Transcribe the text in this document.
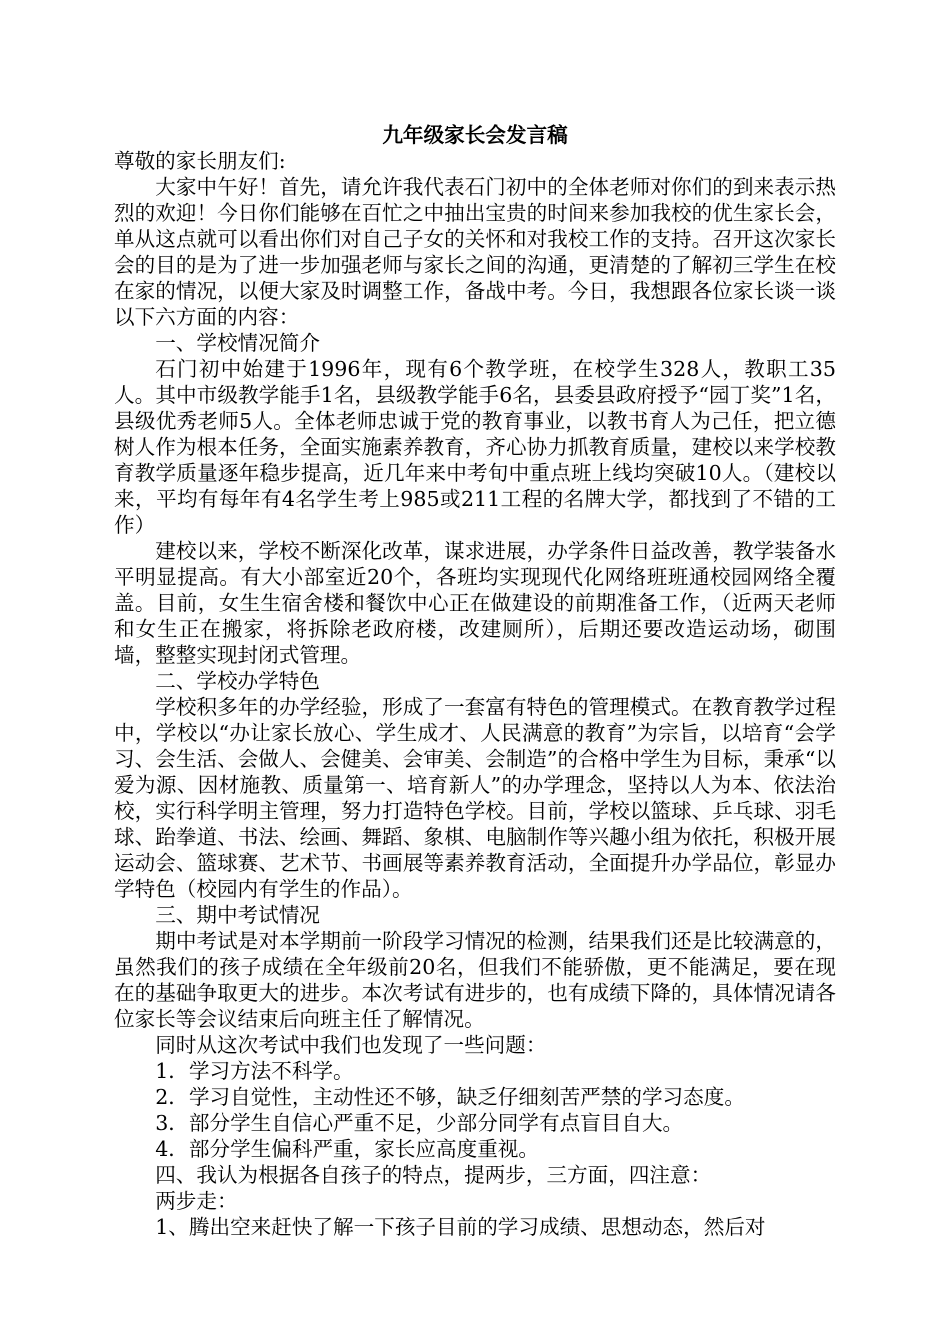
九年级家长会发言稿
尊敬的家长朋友们:
大家中午好！首先，请允许我代表石门初中的全体老师对你们的到来表示热烈的欢迎！今日你们能够在百忙之中抽出宝贵的时间来参加我校的优生家长会，单从这点就可以看出你们对自己子女的关怀和对我校工作的支持。召开这次家长会的目的是为了进一步加强老师与家长之间的沟通，更清楚的了解初三学生在校在家的情况，以便大家及时调整工作，备战中考。今日，我想跟各位家长谈一谈以下六方面的内容：
一、学校情况简介
石门初中始建于1996年，现有6个教学班，在校学生328人，教职工35人。其中市级教学能手1名，县级教学能手6名，县委县政府授予“园丁奖”1名，县级优秀老师5人。全体老师忠诚于党的教育事业，以教书育人为己任，把立德树人作为根本任务，全面实施素养教育，齐心协力抓教育质量，建校以来学校教育教学质量逐年稳步提高，近几年来中考旬中重点班上线均突破10人。（建校以来，平均有每年有4名学生考上985或211工程的名牌大学，都找到了不错的工作）
建校以来，学校不断深化改革，谋求进展，办学条件日益改善，教学装备水平明显提高。有大小部室近20个，各班均实现现代化网络班班通校园网络全覆盖。目前，女生生宿舍楼和餐饮中心正在做建设的前期准备工作，（近两天老师和女生正在搬家，将拆除老政府楼，改建厕所），后期还要改造运动场，砌围墙，整整实现封闭式管理。
二、学校办学特色
学校积多年的办学经验，形成了一套富有特色的管理模式。在教育教学过程中，学校以“办让家长放心、学生成才、人民满意的教育”为宗旨，以培育“会学习、会生活、会做人、会健美、会审美、会制造”的合格中学生为目标，秉承“以爱为源、因材施教、质量第一、培育新人”的办学理念，坚持以人为本、依法治校，实行科学明主管理，努力打造特色学校。目前，学校以篮球、乒乓球、羽毛球、跆拳道、书法、绘画、舞蹈、象棋、电脑制作等兴趣小组为依托，积极开展运动会、篮球赛、艺术节、书画展等素养教育活动，全面提升办学品位，彰显办学特色（校园内有学生的作品）。
三、期中考试情况
期中考试是对本学期前一阶段学习情况的检测，结果我们还是比较满意的，虽然我们的孩子成绩在全年级前20名，但我们不能骄傲，更不能满足，要在现在的基础争取更大的进步。本次考试有进步的，也有成绩下降的，具体情况请各位家长等会议结束后向班主任了解情况。
同时从这次考试中我们也发现了一些问题：
1．学习方法不科学。
2．学习自觉性，主动性还不够，缺乏仔细刻苦严禁的学习态度。
3．部分学生自信心严重不足，少部分同学有点盲目自大。
4．部分学生偏科严重，家长应高度重视。
四、我认为根据各自孩子的特点，提两步，三方面，四注意：
两步走：
1、腾出空来赶快了解一下孩子目前的学习成绩、思想动态，然后对
